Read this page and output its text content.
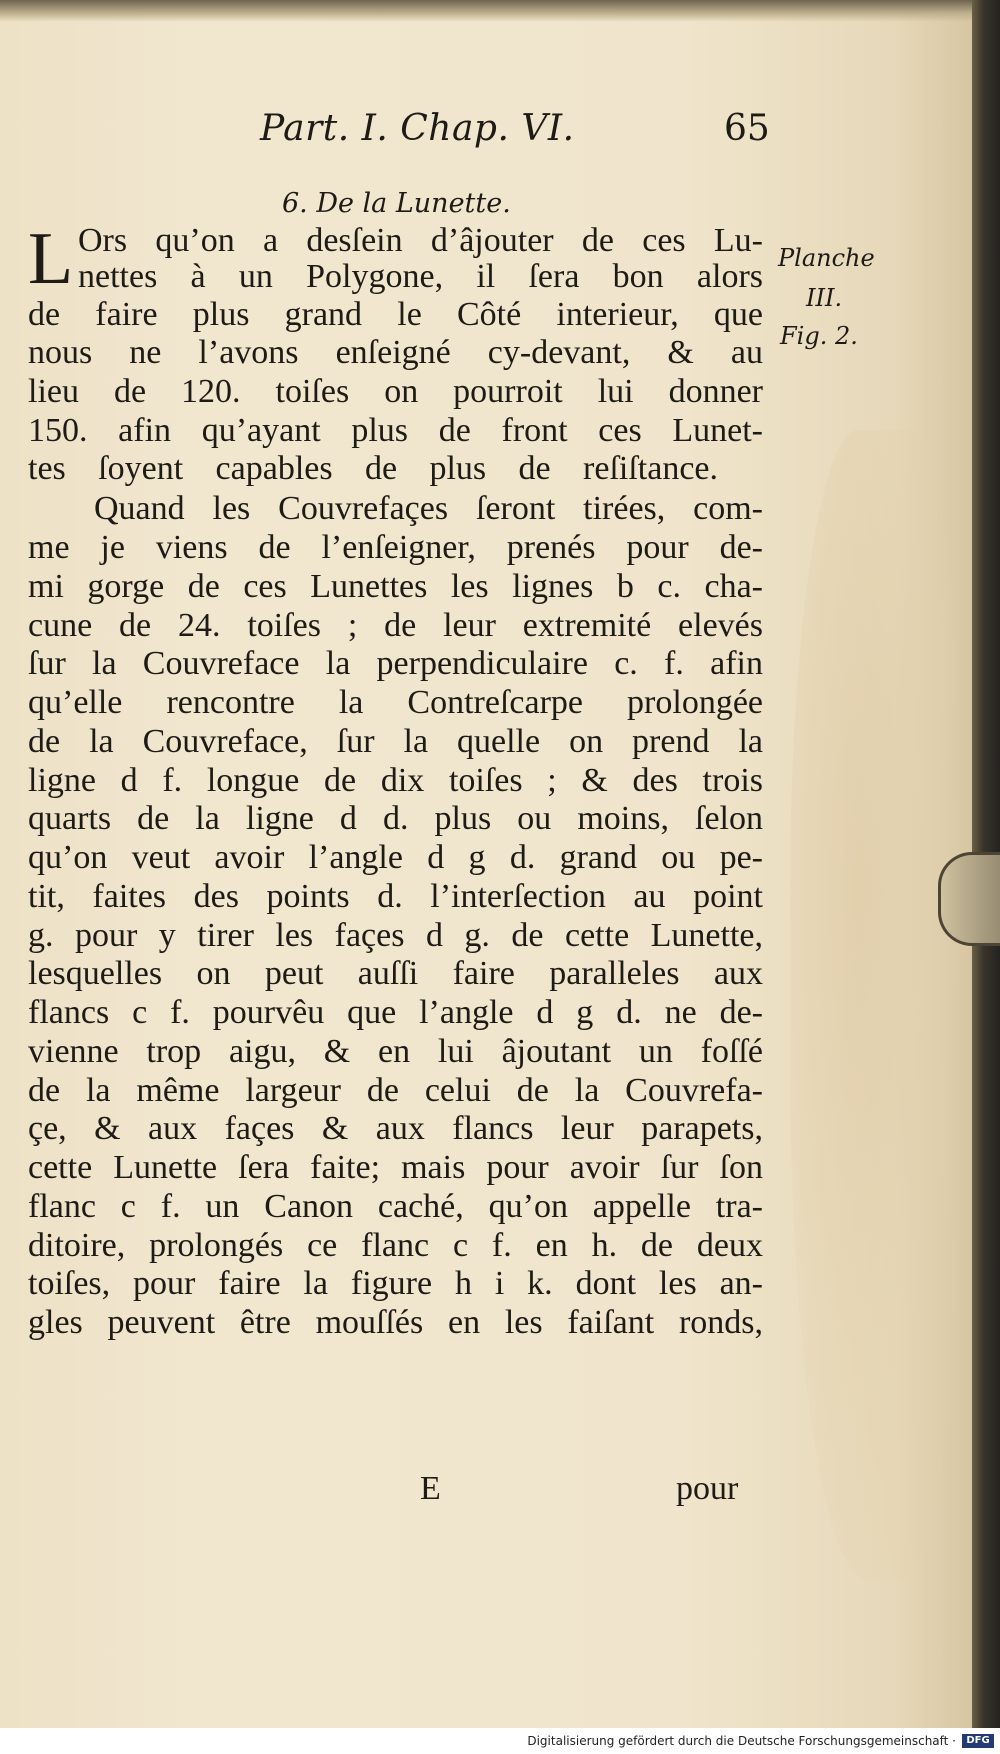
Part. I. Chap. VI.	65
6. De la Lunette.
L Ors qu’on a desſein d’âjouter de ces Lu-
nettes à un Polygone, il ſera bon alors
de faire plus grand le Côté interieur, que
nous ne l’avons enſeigné cy-devant, & au
lieu de 120. toiſes on pourroit lui donner
150. afin qu’ayant plus de front ces Lunet-
tes ſoyent capables de plus de reſiſtance.
Quand les Couvrefaçes ſeront tirées, com-
me je viens de l’enſeigner, prenés pour de-
mi gorge de ces Lunettes les lignes b c. cha-
cune de 24. toiſes ; de leur extremité elevés
ſur la Couvreface la perpendiculaire c. f. afin
qu’elle rencontre la Contreſcarpe prolongée
de la Couvreface, ſur la quelle on prend la
ligne d f. longue de dix toiſes ; & des trois
quarts de la ligne d d. plus ou moins, ſelon
qu’on veut avoir l’angle d g d. grand ou pe-
tit, faites des points d. l’interſection au point
g. pour y tirer les façes d g. de cette Lunette,
lesquelles on peut auſſi faire paralleles aux
flancs c f. pourvêu que l’angle d g d. ne de-
vienne trop aigu, & en lui âjoutant un foſſé
de la même largeur de celui de la Couvrefa-
çe, & aux façes & aux flancs leur parapets,
cette Lunette ſera faite; mais pour avoir ſur ſon
flanc c f. un Canon caché, qu’on appelle tra-
ditoire, prolongés ce flanc c f. en h. de deux
toiſes, pour faire la figure h i k. dont les an-
gles peuvent être mouſſés en les faiſant ronds,
Planche
III.
Fig. 2.
E	pour
Digitalisierung gefördert durch die Deutsche Forschungsgemeinschaft ·	DFG
